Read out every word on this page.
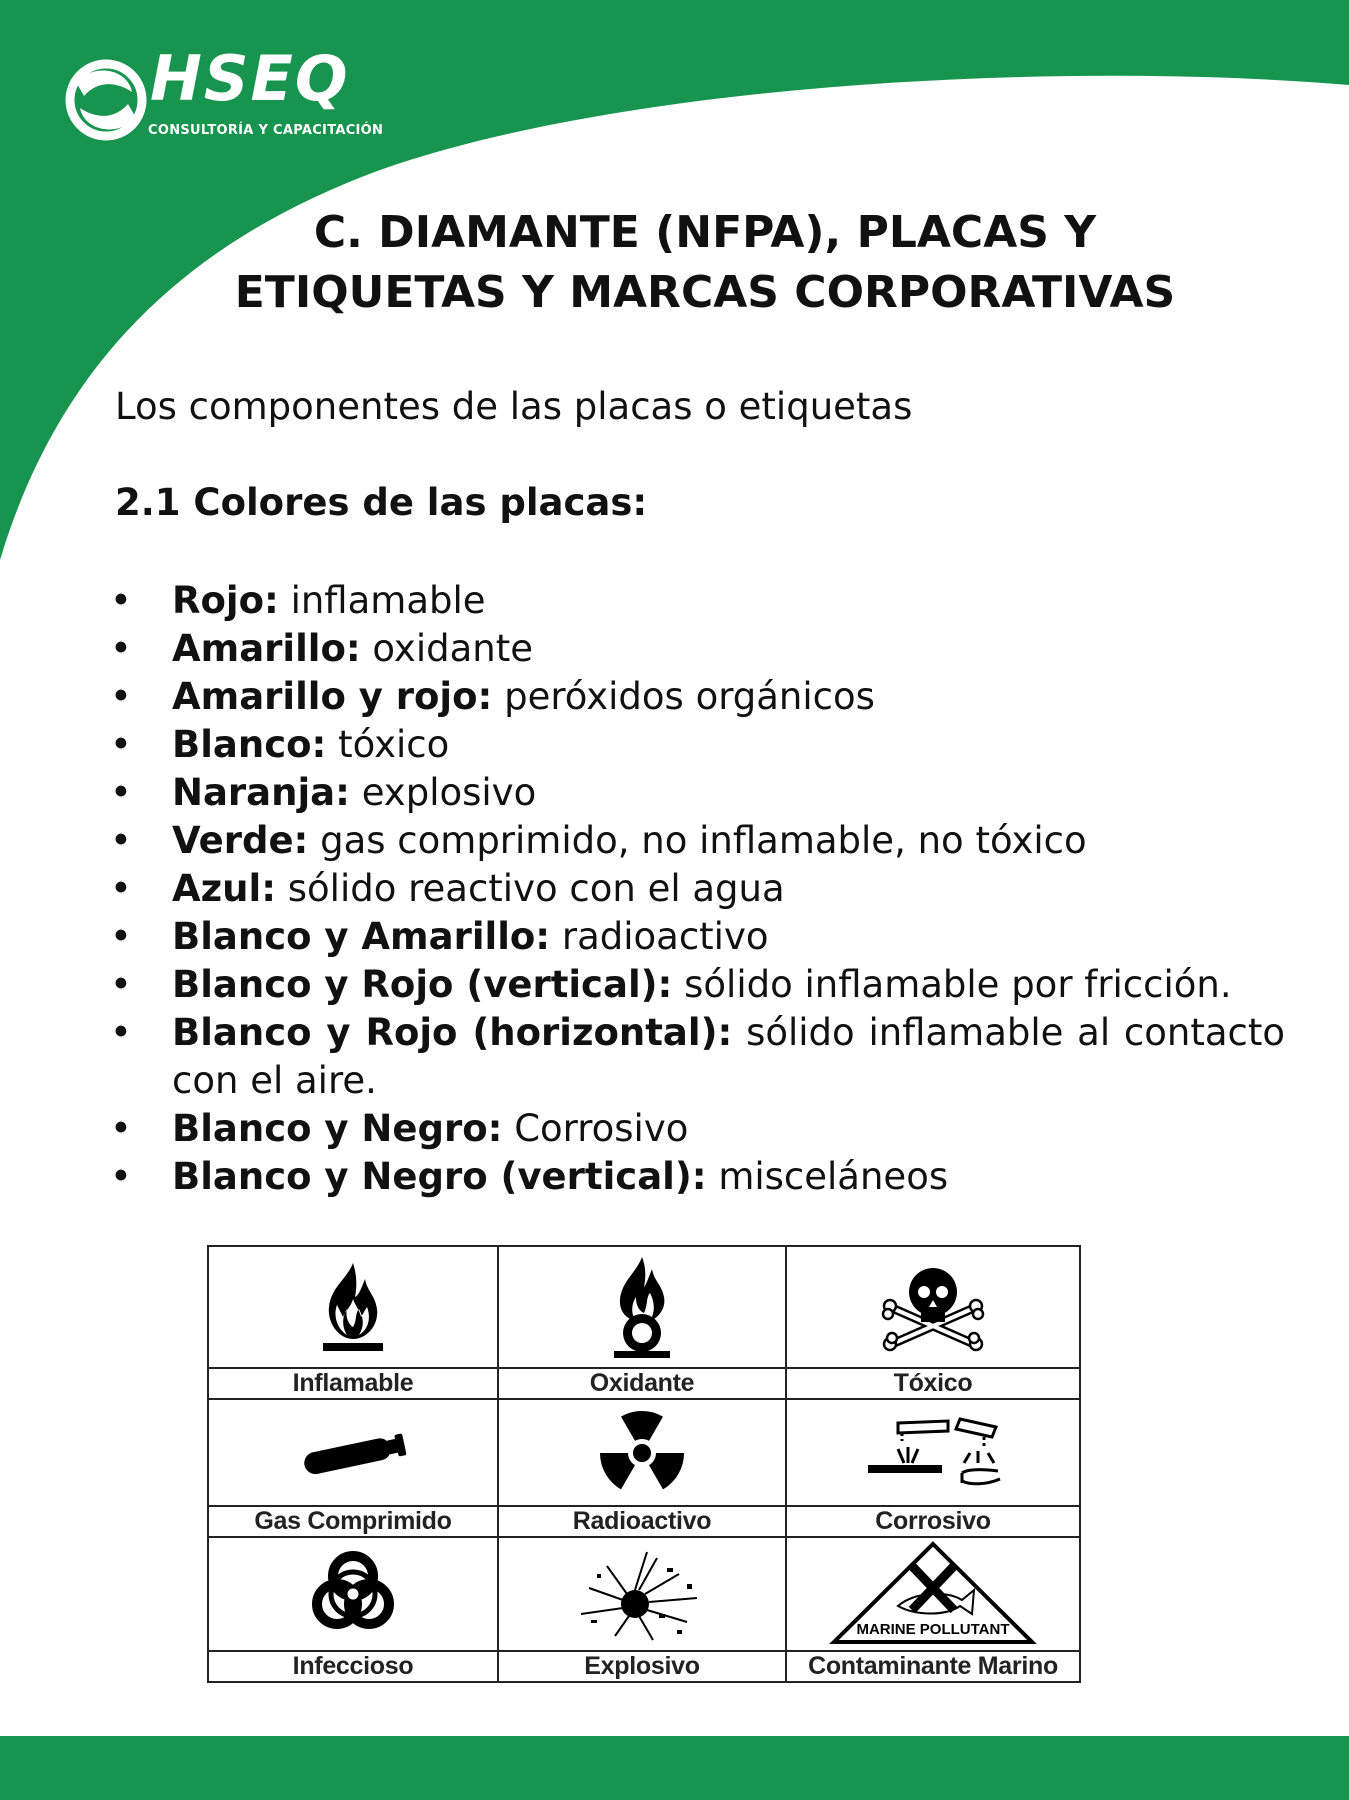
HSEQ
CONSULTORÍA Y CAPACITACIÓN
C. DIAMANTE (NFPA), PLACAS Y
ETIQUETAS Y MARCAS CORPORATIVAS
Los componentes de las placas o etiquetas
2.1 Colores de las placas:
• Rojo: inflamable
• Amarillo: oxidante
• Amarillo y rojo: peróxidos orgánicos
• Blanco: tóxico
• Naranja: explosivo
• Verde: gas comprimido, no inflamable, no tóxico
• Azul: sólido reactivo con el agua
• Blanco y Amarillo: radioactivo
• Blanco y Rojo (vertical): sólido inflamable por fricción.
• Blanco y Rojo (horizontal): sólido inflamable al contacto con el aire.
• Blanco y Negro: Corrosivo
• Blanco y Negro (vertical): misceláneos

Inflamable	Oxidante	Tóxico

Gas Comprimido	Radioactivo	Corrosivo

MARINE POLLUTANT

Infeccioso	Explosivo	Contaminante Marino
